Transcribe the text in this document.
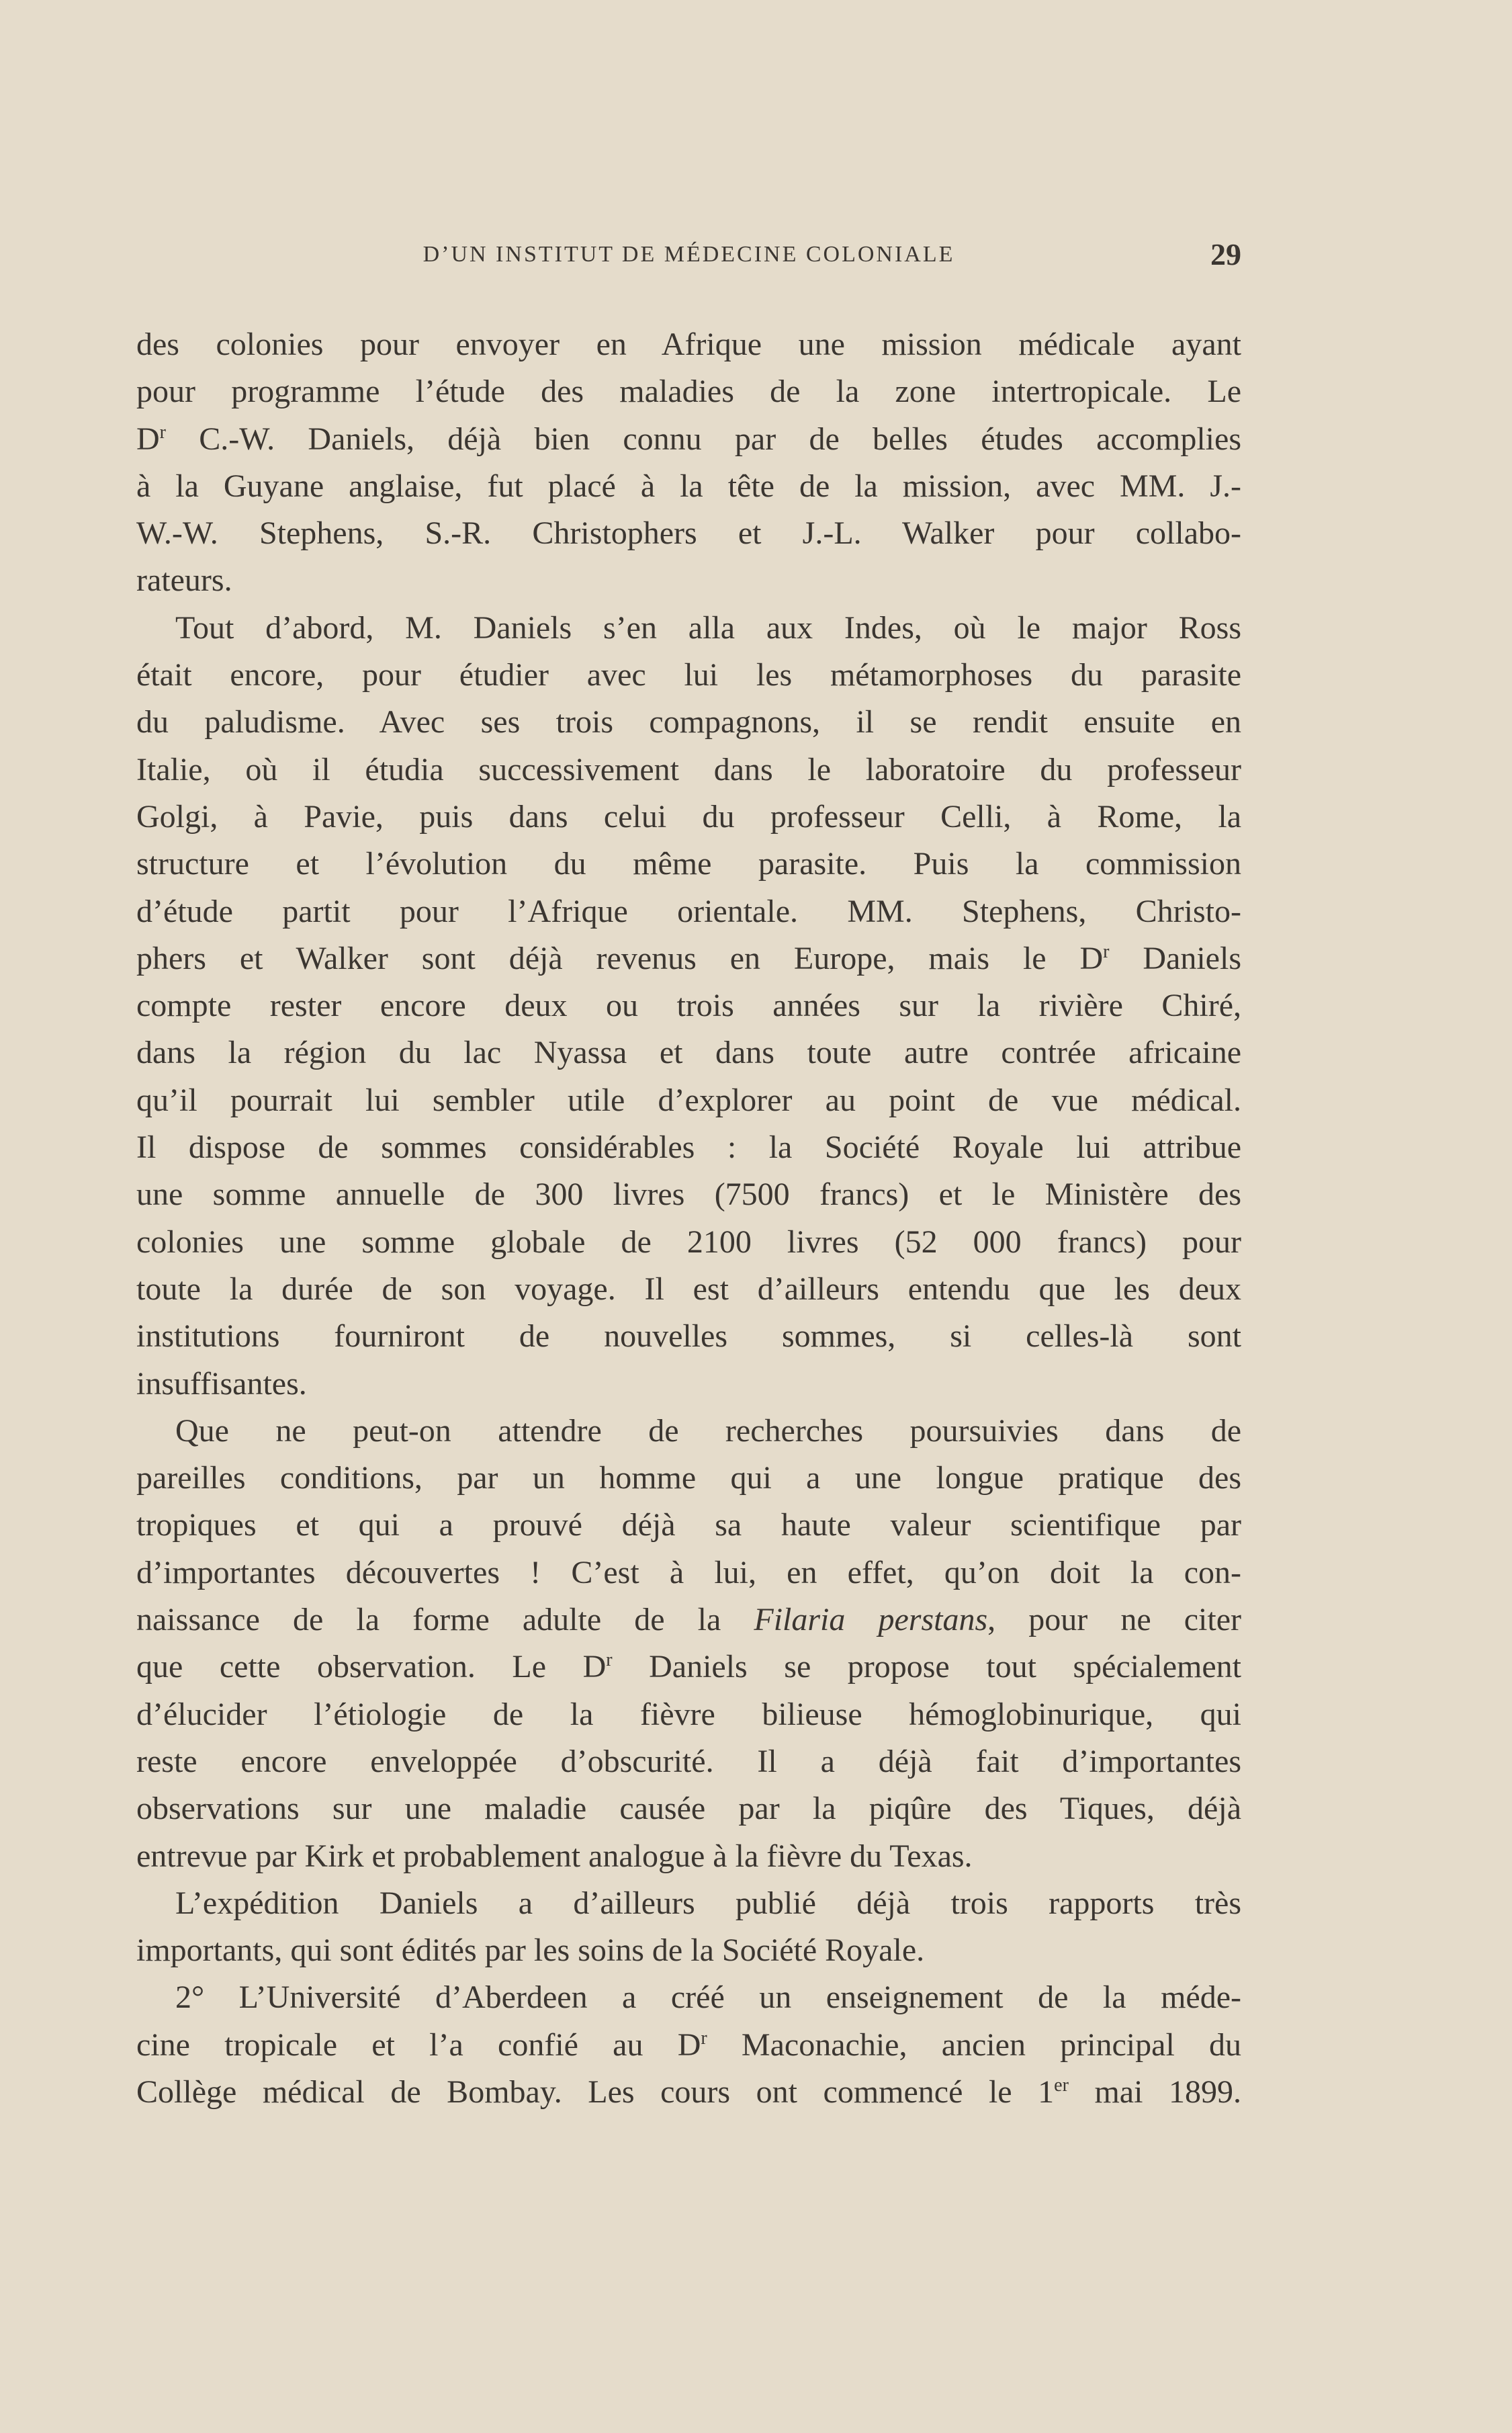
D’UN INSTITUT DE MÉDECINE COLONIALE	29
des colonies pour envoyer en Afrique une mission médicale ayant
pour programme l’étude des maladies de la zone intertropicale. Le
$D^r$ C.-W. Daniels, déjà bien connu par de belles études accomplies
à la Guyane anglaise, fut placé à la tête de la mission, avec MM. J.-
W.-W. Stephens, S.-R. Christophers et J.-L. Walker pour collabo-
rateurs.
Tout d’abord, M. Daniels s’en alla aux Indes, où le major Ross
était encore, pour étudier avec lui les métamorphoses du parasite
du paludisme. Avec ses trois compagnons, il se rendit ensuite en
Italie, où il étudia successivement dans le laboratoire du professeur
Golgi, à Pavie, puis dans celui du professeur Celli, à Rome, la
structure et l’évolution du même parasite. Puis la commission
d’étude partit pour l’Afrique orientale. MM. Stephens, Christo-
phers et Walker sont déjà revenus en Europe, mais le $D^r$ Daniels
compte rester encore deux ou trois années sur la rivière Chiré,
dans la région du lac Nyassa et dans toute autre contrée africaine
qu’il pourrait lui sembler utile d’explorer au point de vue médical.
Il dispose de sommes considérables : la Société Royale lui attribue
une somme annuelle de 300 livres (7500 francs) et le Ministère des
colonies une somme globale de 2100 livres (52 000 francs) pour
toute la durée de son voyage. Il est d’ailleurs entendu que les deux
institutions fourniront de nouvelles sommes, si celles-là sont
insuffisantes.
Que ne peut-on attendre de recherches poursuivies dans de
pareilles conditions, par un homme qui a une longue pratique des
tropiques et qui a prouvé déjà sa haute valeur scientifique par
d’importantes découvertes ! C’est à lui, en effet, qu’on doit la con-
naissance de la forme adulte de la Filaria perstans, pour ne citer
que cette observation. Le $D^r$ Daniels se propose tout spécialement
d’élucider l’étiologie de la fièvre bilieuse hémoglobinurique, qui
reste encore enveloppée d’obscurité. Il a déjà fait d’importantes
observations sur une maladie causée par la piqûre des Tiques, déjà
entrevue par Kirk et probablement analogue à la fièvre du Texas.
L’expédition Daniels a d’ailleurs publié déjà trois rapports très
importants, qui sont édités par les soins de la Société Royale.
2° L’Université d’Aberdeen a créé un enseignement de la méde-
cine tropicale et l’a confié au $D^r$ Maconachie, ancien principal du
Collège médical de Bombay. Les cours ont commencé le 1er mai 1899.
